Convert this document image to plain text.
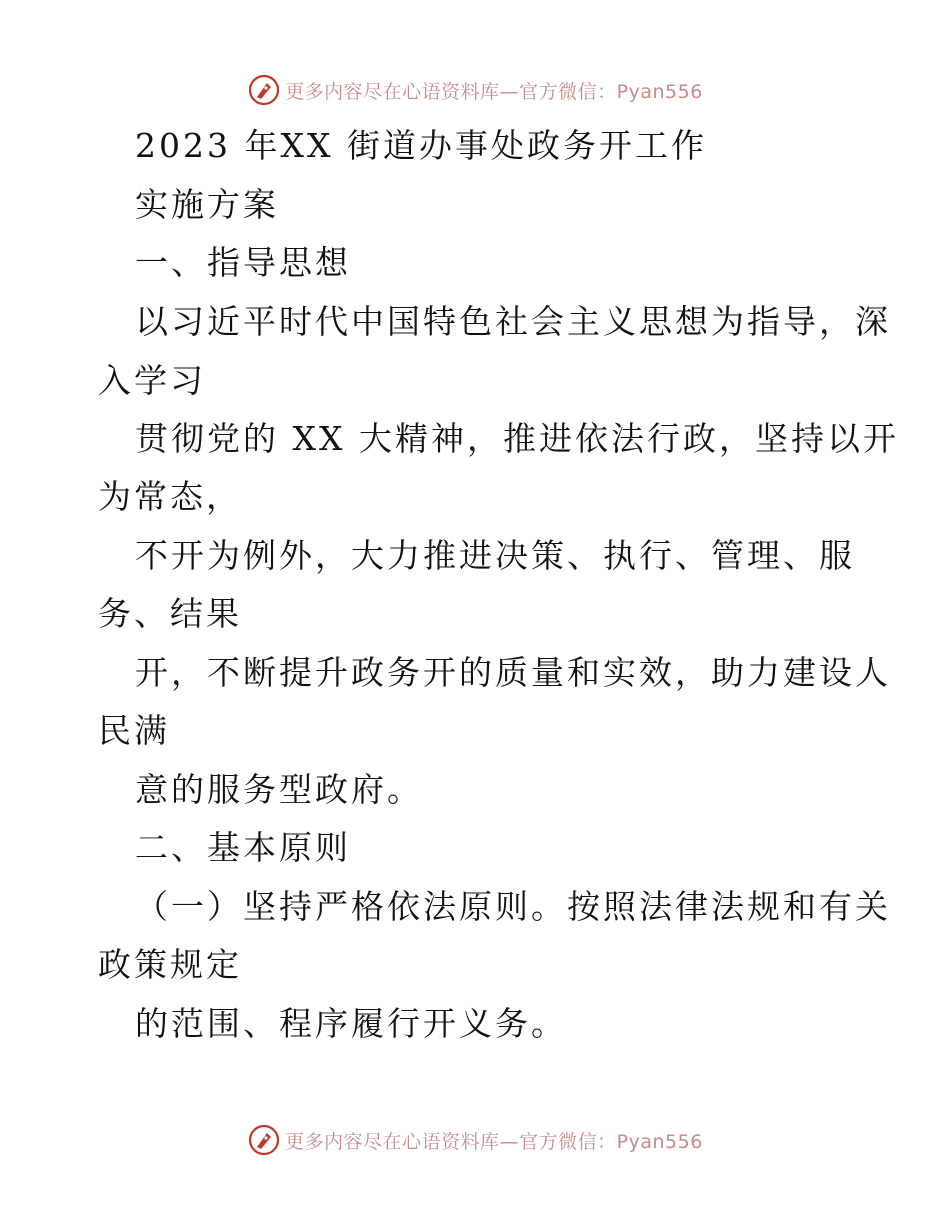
更多内容尽在心语资料库—官方微信：Pyan556
2023 年XX 街道办事处政务开工作
实施方案
一、指导思想
以习近平时代中国特色社会主义思想为指导，深
入学习
贯彻党的 XX 大精神，推进依法行政，坚持以开
为常态，
不开为例外，大力推进决策、执行、管理、服
务、结果
开，不断提升政务开的质量和实效，助力建设人
民满
意的服务型政府。
二、基本原则
（一）坚持严格依法原则。按照法律法规和有关
政策规定
的范围、程序履行开义务。
更多内容尽在心语资料库—官方微信：Pyan556
